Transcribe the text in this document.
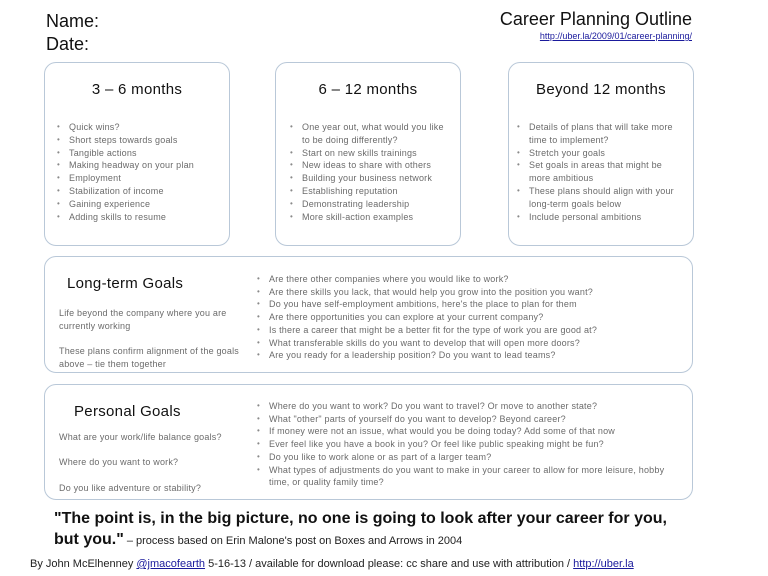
Name:
Date:
Career Planning Outline
http://uber.la/2009/01/career-planning/
3 – 6 months
• Quick wins?
• Short steps towards goals
• Tangible actions
• Making headway on your plan
• Employment
• Stabilization of income
• Gaining experience
• Adding skills to resume
6 – 12 months
• One year out, what would you like to be doing differently?
• Start on new skills trainings
• New ideas to share with others
• Building your business network
• Establishing reputation
• Demonstrating leadership
• More skill-action examples
Beyond 12 months
• Details of plans that will take more time to implement?
• Stretch your goals
• Set goals in areas that might be more ambitious
• These plans should align with your long-term goals below
• Include personal ambitions
Long-term Goals
Life beyond the company where you are currently working
These plans confirm alignment of the goals above – tie them together
• Are there other companies where you would like to work?
• Are there skills you lack, that would help you grow into the position you want?
• Do you have self-employment ambitions, here's the place to plan for them
• Are there opportunities you can explore at your current company?
• Is there a career that might be a better fit for the type of work you are good at?
• What transferable skills do you want to develop that will open more doors?
• Are you ready for a leadership position? Do you want to lead teams?
Personal Goals
What are your work/life balance goals?
Where do you want to work?
Do you like adventure or stability?
• Where do you want to work? Do you want to travel? Or move to another state?
• What "other" parts of yourself do you want to develop? Beyond career?
• If money were not an issue, what would you be doing today? Add some of that now
• Ever feel like you have a book in you? Or feel like public speaking might be fun?
• Do you like to work alone or as part of a larger team?
• What types of adjustments do you want to make in your career to allow for more leisure, hobby time, or quality family time?
"The point is, in the big picture, no one is going to look after your career for you, but you." – process based on Erin Malone's post on Boxes and Arrows in 2004
By John McElhenney @jmacofearth 5-16-13 / available for download please: cc share and use with attribution / http://uber.la
